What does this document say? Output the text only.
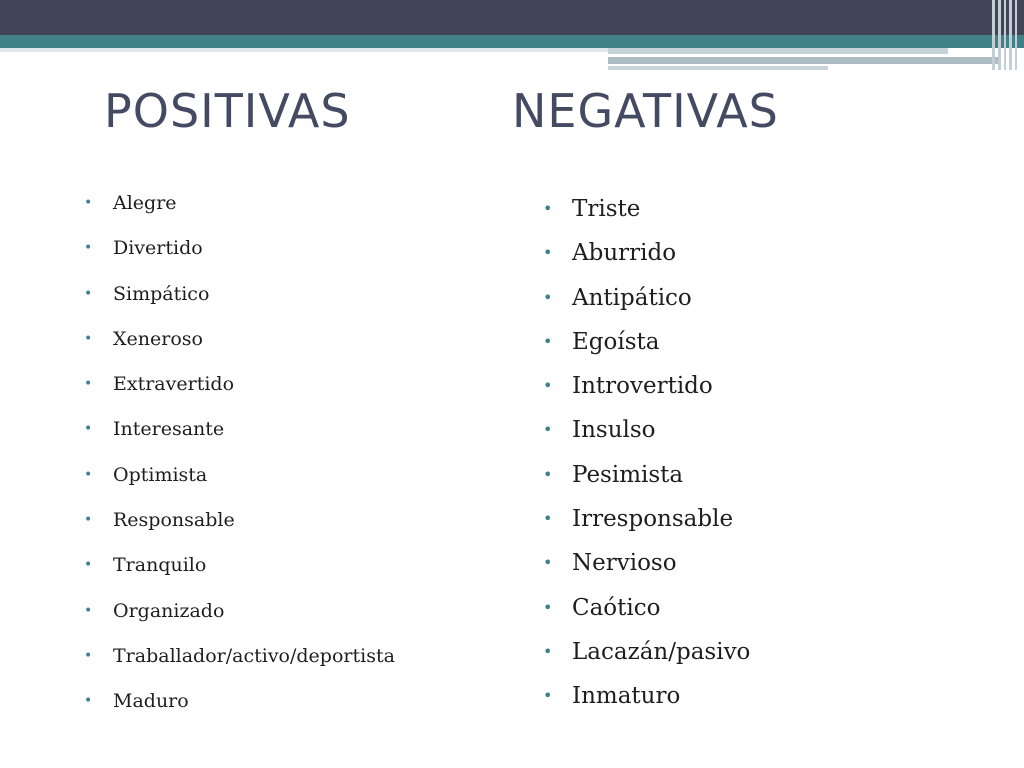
POSITIVAS	NEGATIVAS
• Alegre
• Divertido
• Simpático
• Xeneroso
• Extravertido
• Interesante
• Optimista
• Responsable
• Tranquilo
• Organizado
• Traballador/activo/deportista
• Maduro
• Triste
• Aburrido
• Antipático
• Egoísta
• Introvertido
• Insulso
• Pesimista
• Irresponsable
• Nervioso
• Caótico
• Lacazán/pasivo
• Inmaturo
